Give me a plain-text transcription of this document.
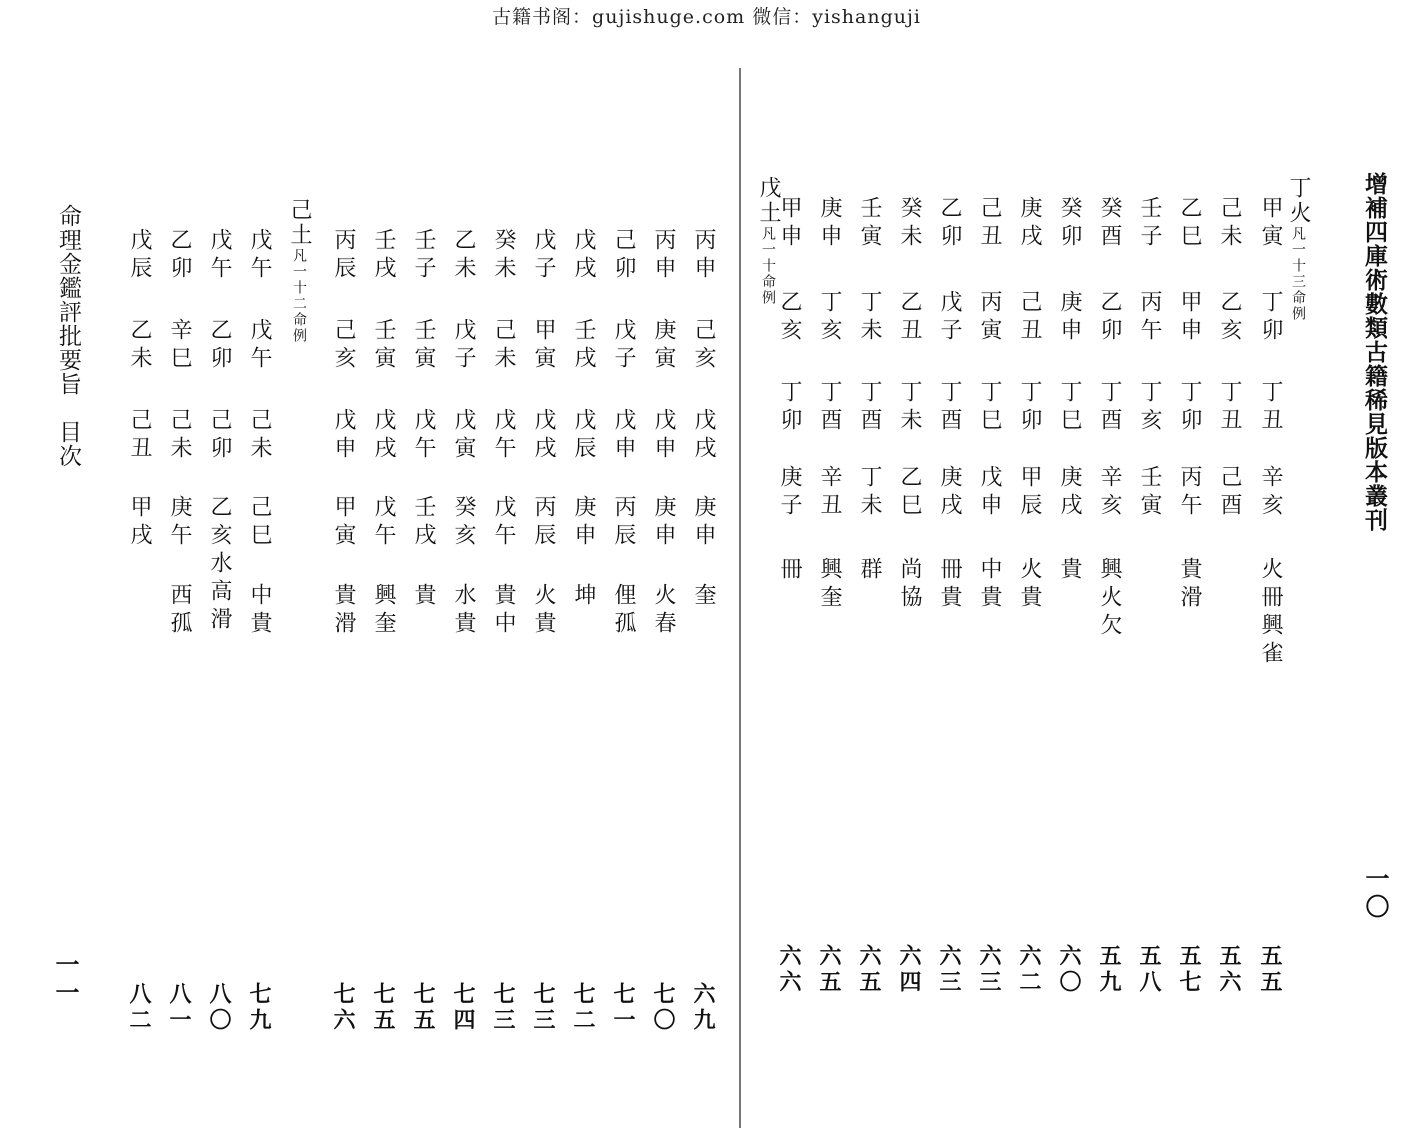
古籍书阁：gujishuge.com 微信：yishanguji
增補四庫術數類古籍稀見版本叢刊
一〇
丁火凡一十三命例
戊土凡一十命例
甲寅
丁卯
丁丑
辛亥
火冊興雀
五五
己未
乙亥
丁丑
己酉
五六
乙巳
甲申
丁卯
丙午
貴滑
五七
壬子
丙午
丁亥
壬寅
五八
癸酉
乙卯
丁酉
辛亥
興火欠
五九
癸卯
庚申
丁巳
庚戌
貴
六〇
庚戌
己丑
丁卯
甲辰
火貴
六二
己丑
丙寅
丁巳
戊申
中貴
六三
乙卯
戊子
丁酉
庚戌
冊貴
六三
癸未
乙丑
丁未
乙巳
尚協
六四
壬寅
丁未
丁酉
丁未
群
六五
庚申
丁亥
丁酉
辛丑
興奎
六五
甲申
乙亥
丁卯
庚子
冊
六六
命理金鑑評批要旨　目次
一一
己土凡一十二命例	丙申
己亥
戊戌
庚申
奎
六九
丙申
庚寅
戊申
庚申
火春
七〇
己卯
戊子
戊申
丙辰
俚孤
七一
戊戌
壬戌
戊辰
庚申
坤
七二
戊子
甲寅
戊戌
丙辰
火貴
七三
癸未
己未
戊午
戊午
貴中
七三
乙未
戊子
戊寅
癸亥
水貴
七四
壬子
壬寅
戊午
壬戌
貴
七五
壬戌
壬寅
戊戌
戊午
興奎
七五
丙辰
己亥
戊申
甲寅
貴滑
七六
戊午
戊午
己未
己巳
中貴
七九
戊午
乙卯
己卯
乙亥水高滑
八〇
乙卯
辛巳
己未
庚午
西孤
八一
戊辰
乙未
己丑
甲戌
八二
